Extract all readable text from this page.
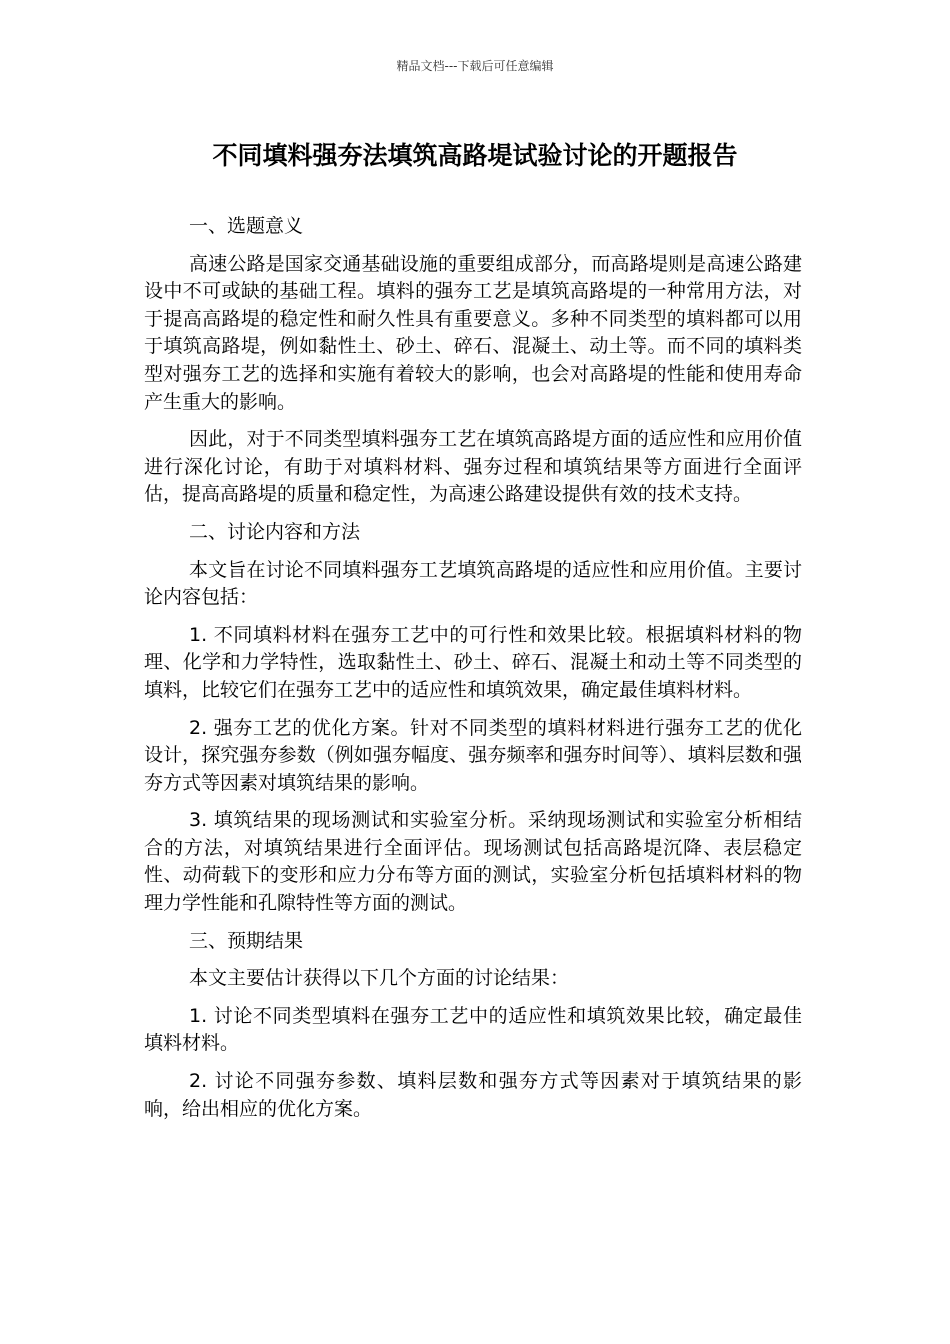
精品文档---下载后可任意编辑
不同填料强夯法填筑高路堤试验讨论的开题报告

一、选题意义

高速公路是国家交通基础设施的重要组成部分，而高路堤则是高速公路建设中不可或缺的基础工程。填料的强夯工艺是填筑高路堤的一种常用方法，对于提高高路堤的稳定性和耐久性具有重要意义。多种不同类型的填料都可以用于填筑高路堤，例如黏性土、砂土、碎石、混凝土、动土等。而不同的填料类型对强夯工艺的选择和实施有着较大的影响，也会对高路堤的性能和使用寿命产生重大的影响。

因此，对于不同类型填料强夯工艺在填筑高路堤方面的适应性和应用价值进行深化讨论，有助于对填料材料、强夯过程和填筑结果等方面进行全面评估，提高高路堤的质量和稳定性，为高速公路建设提供有效的技术支持。

二、讨论内容和方法

本文旨在讨论不同填料强夯工艺填筑高路堤的适应性和应用价值。主要讨论内容包括：

1. 不同填料材料在强夯工艺中的可行性和效果比较。根据填料材料的物理、化学和力学特性，选取黏性土、砂土、碎石、混凝土和动土等不同类型的填料，比较它们在强夯工艺中的适应性和填筑效果，确定最佳填料材料。

2. 强夯工艺的优化方案。针对不同类型的填料材料进行强夯工艺的优化设计，探究强夯参数（例如强夯幅度、强夯频率和强夯时间等）、填料层数和强夯方式等因素对填筑结果的影响。

3. 填筑结果的现场测试和实验室分析。采纳现场测试和实验室分析相结合的方法，对填筑结果进行全面评估。现场测试包括高路堤沉降、表层稳定性、动荷载下的变形和应力分布等方面的测试，实验室分析包括填料材料的物理力学性能和孔隙特性等方面的测试。

三、预期结果

本文主要估计获得以下几个方面的讨论结果：

1. 讨论不同类型填料在强夯工艺中的适应性和填筑效果比较，确定最佳填料材料。

2. 讨论不同强夯参数、填料层数和强夯方式等因素对于填筑结果的影响，给出相应的优化方案。
